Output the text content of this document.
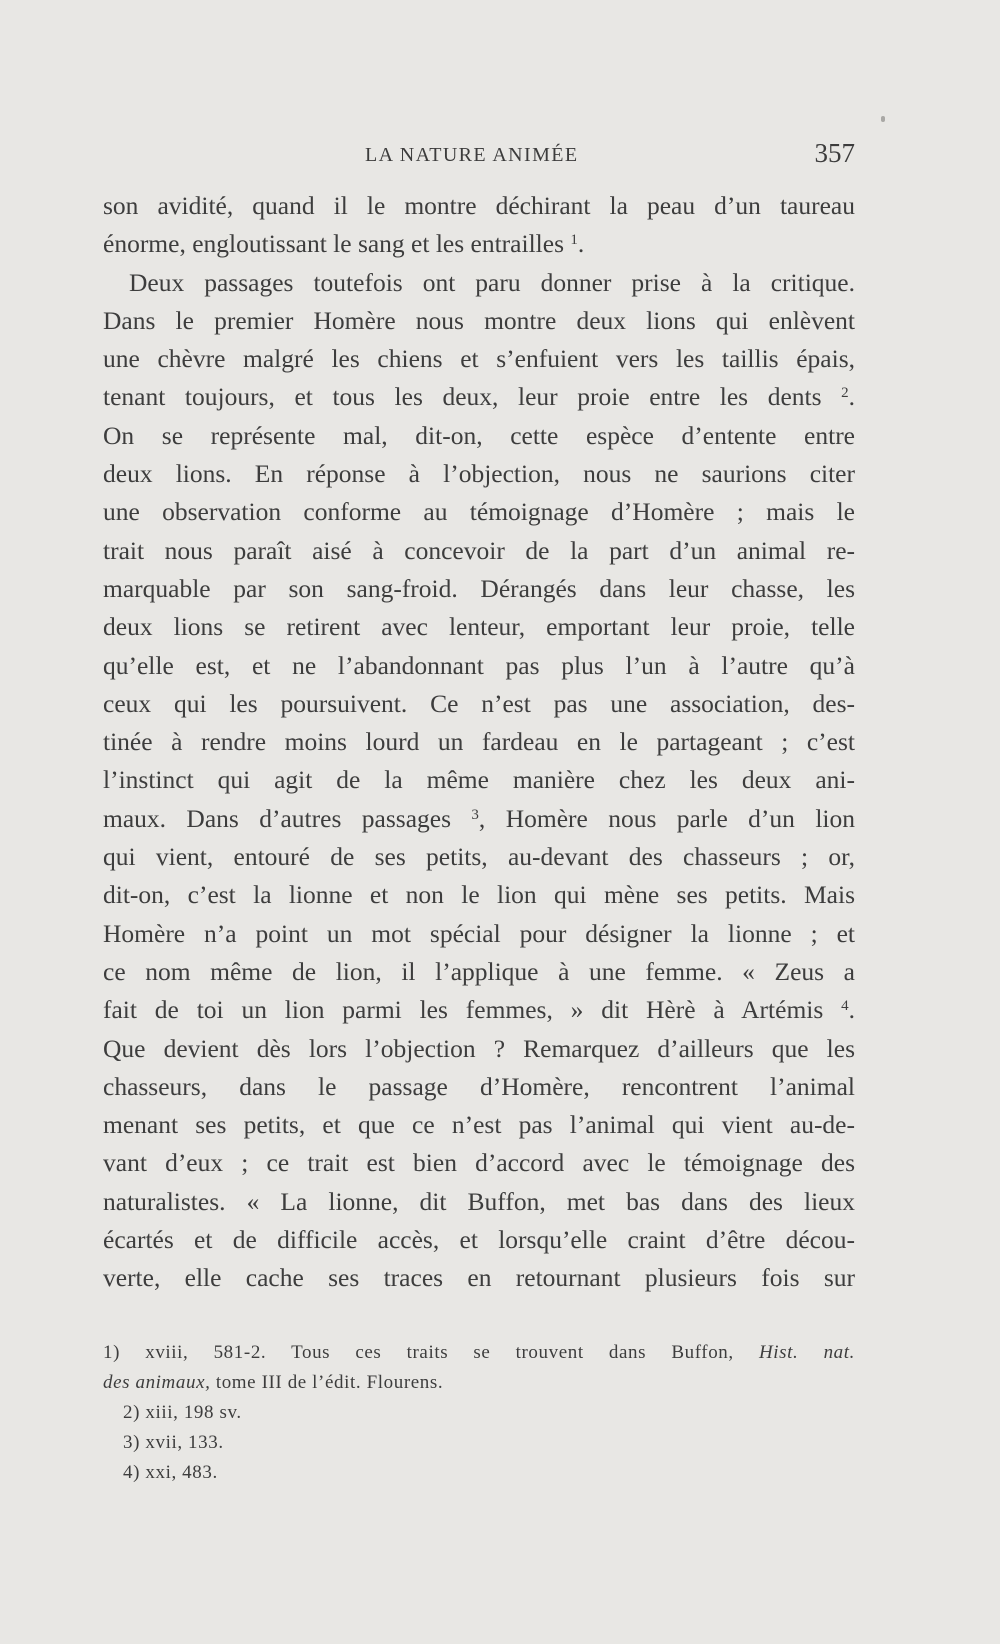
LA NATURE ANIMÉE	357
son avidité, quand il le montre déchirant la peau d’un taureau
énorme, engloutissant le sang et les entrailles $^1$.
Deux passages toutefois ont paru donner prise à la critique.
Dans le premier Homère nous montre deux lions qui enlèvent
une chèvre malgré les chiens et s’enfuient vers les taillis épais,
tenant toujours, et tous les deux, leur proie entre les dents $^2$.
On se représente mal, dit-on, cette espèce d’entente entre
deux lions. En réponse à l’objection, nous ne saurions citer
une observation conforme au témoignage d’Homère ; mais le
trait nous paraît aisé à concevoir de la part d’un animal re-
marquable par son sang-froid. Dérangés dans leur chasse, les
deux lions se retirent avec lenteur, emportant leur proie, telle
qu’elle est, et ne l’abandonnant pas plus l’un à l’autre qu’à
ceux qui les poursuivent. Ce n’est pas une association, des-
tinée à rendre moins lourd un fardeau en le partageant ; c’est
l’instinct qui agit de la même manière chez les deux ani-
maux. Dans d’autres passages $^3$, Homère nous parle d’un lion
qui vient, entouré de ses petits, au-devant des chasseurs ; or,
dit-on, c’est la lionne et non le lion qui mène ses petits. Mais
Homère n’a point un mot spécial pour désigner la lionne ; et
ce nom même de lion, il l’applique à une femme. « Zeus a
fait de toi un lion parmi les femmes, » dit Hèrè à Artémis $^4$.
Que devient dès lors l’objection ? Remarquez d’ailleurs que les
chasseurs, dans le passage d’Homère, rencontrent l’animal
menant ses petits, et que ce n’est pas l’animal qui vient au-de-
vant d’eux ; ce trait est bien d’accord avec le témoignage des
naturalistes. « La lionne, dit Buffon, met bas dans des lieux
écartés et de difficile accès, et lorsqu’elle craint d’être décou-
verte, elle cache ses traces en retournant plusieurs fois sur
1) xviii, 581-2. Tous ces traits se trouvent dans Buffon, Hist. nat.
des animaux, tome III de l’édit. Flourens.
2) xiii, 198 sv.
3) xvii, 133.
4) xxi, 483.
